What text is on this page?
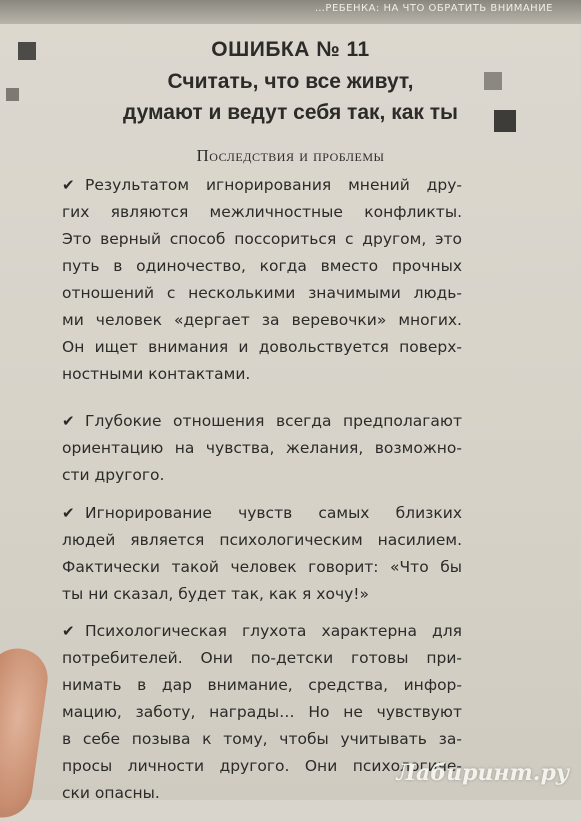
…РЕБЕНКА: НА ЧТО ОБРАТИТЬ ВНИМАНИЕ
ОШИБКА № 11
Считать, что все живут,
думают и ведут себя так, как ты
Последствия и проблемы
✔ Результатом игнорирования мнений дру-
гих являются межличностные конфликты.
Это верный способ поссориться с другом, это
путь в одиночество, когда вместо прочных
отношений с несколькими значимыми людь-
ми человек «дергает за веревочки» многих.
Он ищет внимания и довольствуется поверх-
ностными контактами.
✔ Глубокие отношения всегда предполагают
ориентацию на чувства, желания, возможно-
сти другого.
✔ Игнорирование чувств самых близких
людей является психологическим насилием.
Фактически такой человек говорит: «Что бы
ты ни сказал, будет так, как я хочу!»
✔ Психологическая глухота характерна для
потребителей. Они по-детски готовы при-
нимать в дар внимание, средства, инфор-
мацию, заботу, награды… Но не чувствуют
в себе позыва к тому, чтобы учитывать за-
просы личности другого. Они психологиче-
ски опасны.
Лабиринт.ру
